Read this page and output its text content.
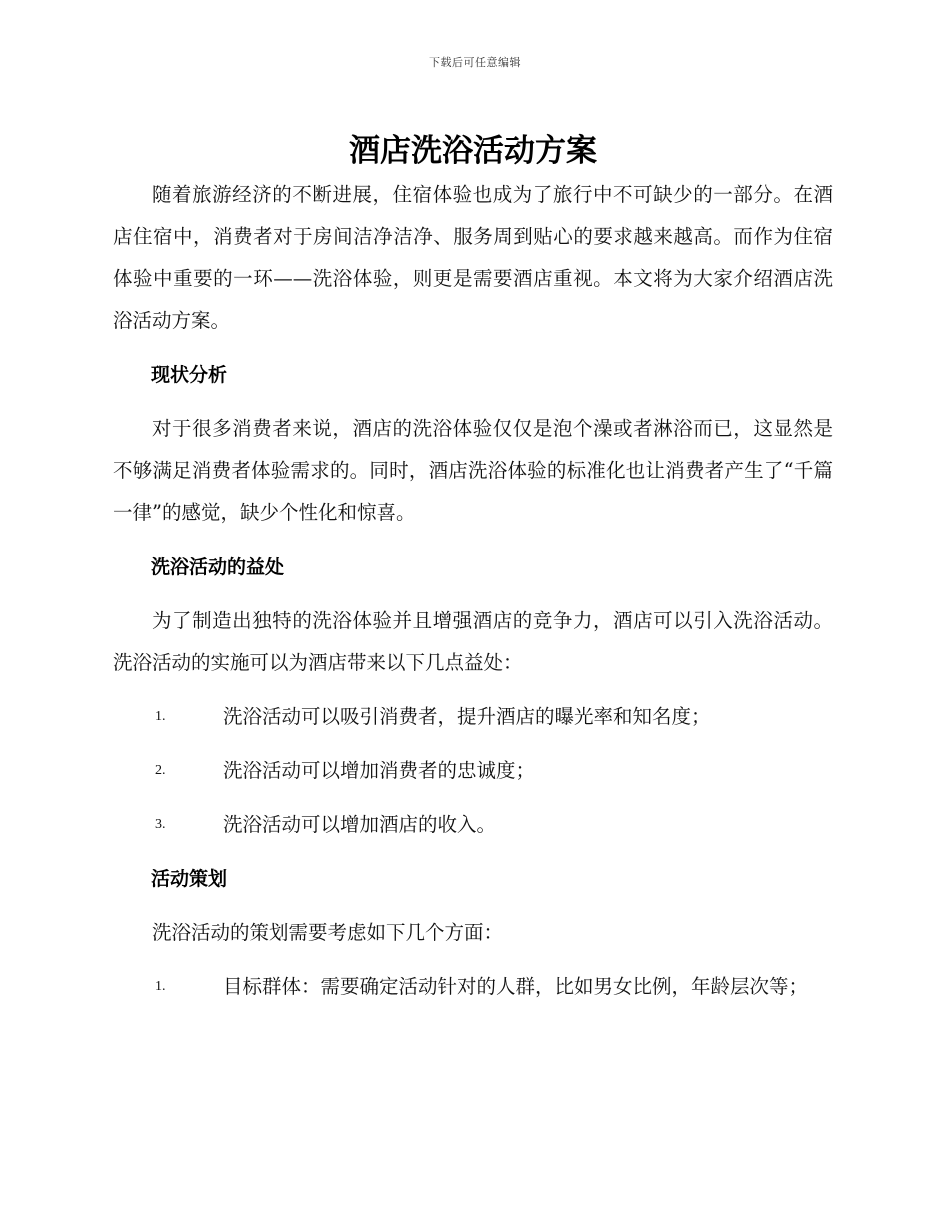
下载后可任意编辑
酒店洗浴活动方案

随着旅游经济的不断进展，住宿体验也成为了旅行中不可缺少的一部分。在酒店住宿中，消费者对于房间洁净洁净、服务周到贴心的要求越来越高。而作为住宿体验中重要的一环——洗浴体验，则更是需要酒店重视。本文将为大家介绍酒店洗浴活动方案。

现状分析

对于很多消费者来说，酒店的洗浴体验仅仅是泡个澡或者淋浴而已，这显然是不够满足消费者体验需求的。同时，酒店洗浴体验的标准化也让消费者产生了“千篇一律”的感觉，缺少个性化和惊喜。

洗浴活动的益处

为了制造出独特的洗浴体验并且增强酒店的竞争力，酒店可以引入洗浴活动。洗浴活动的实施可以为酒店带来以下几点益处：

1.	洗浴活动可以吸引消费者，提升酒店的曝光率和知名度；

2.	洗浴活动可以增加消费者的忠诚度；

3.	洗浴活动可以增加酒店的收入。

活动策划

洗浴活动的策划需要考虑如下几个方面：

1.	目标群体：需要确定活动针对的人群，比如男女比例，年龄层次等；
